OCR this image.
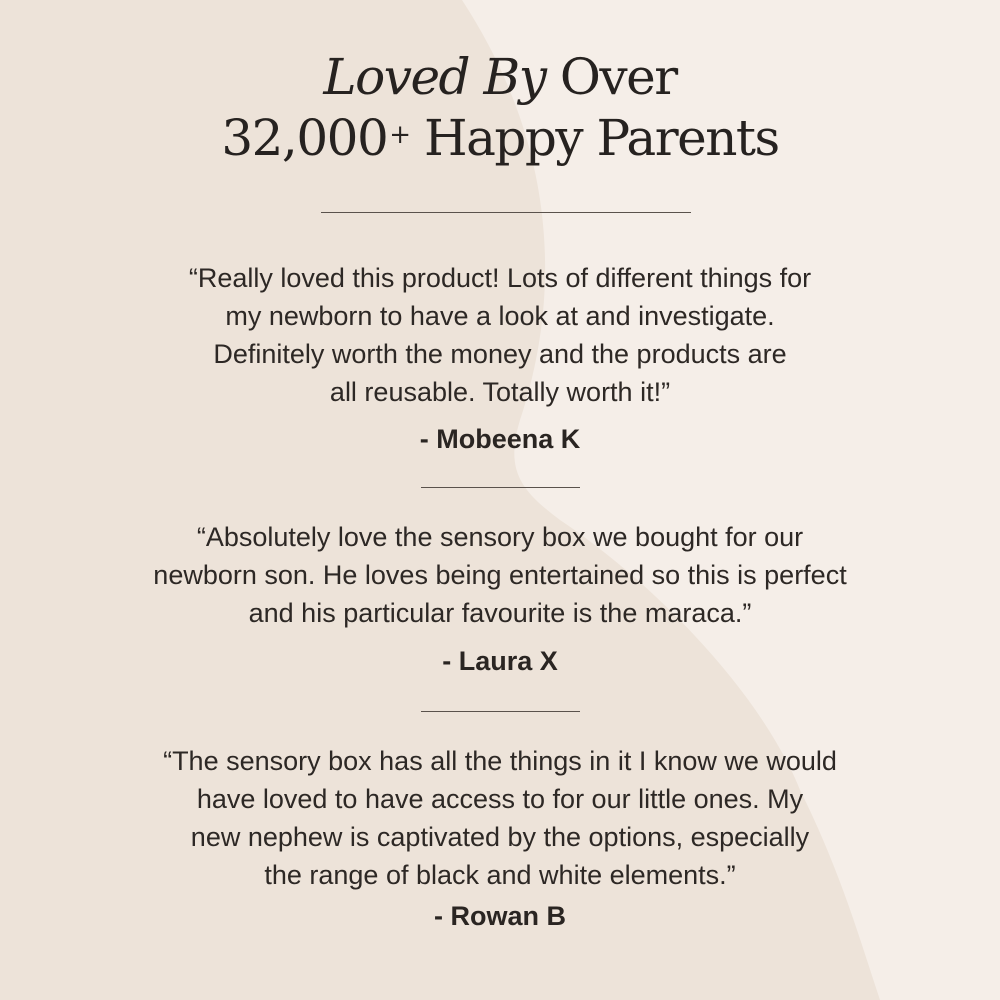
Loved By Over
32,000+ Happy Parents

“Really loved this product! Lots of different things for
my newborn to have a look at and investigate.
Definitely worth the money and the products are
all reusable. Totally worth it!”

- Mobeena K

“Absolutely love the sensory box we bought for our
newborn son. He loves being entertained so this is perfect
and his particular favourite is the maraca.”

- Laura X

“The sensory box has all the things in it I know we would
have loved to have access to for our little ones. My
new nephew is captivated by the options, especially
the range of black and white elements.”

- Rowan B
